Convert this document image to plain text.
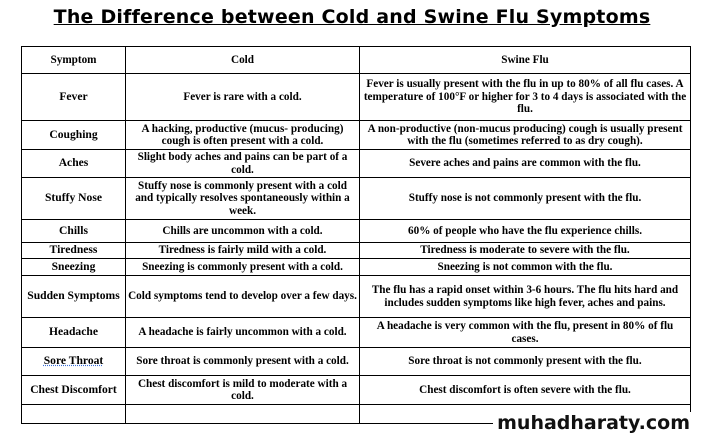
The Difference between Cold and Swine Flu Symptoms
Symptom	Cold	Swine Flu
Fever	Fever is rare with a cold.	Fever is usually present with the flu in up to 80% of all flu cases. A temperature of 100°F or higher for 3 to 4 days is associated with the flu.
Coughing	A hacking, productive (mucus- producing) cough is often present with a cold.	A non-productive (non-mucus producing) cough is usually present with the flu (sometimes referred to as dry cough).
Aches	Slight body aches and pains can be part of a cold.	Severe aches and pains are common with the flu.
Stuffy Nose	Stuffy nose is commonly present with a cold and typically resolves spontaneously within a week.	Stuffy nose is not commonly present with the flu.
Chills	Chills are uncommon with a cold.	60% of people who have the flu experience chills.
Tiredness	Tiredness is fairly mild with a cold.	Tiredness is moderate to severe with the flu.
Sneezing	Sneezing is commonly present with a cold.	Sneezing is not common with the flu.
Sudden Symptoms	Cold symptoms tend to develop over a few days.	The flu has a rapid onset within 3-6 hours. The flu hits hard and includes sudden symptoms like high fever, aches and pains.
Headache	A headache is fairly uncommon with a cold.	A headache is very common with the flu, present in 80% of flu cases.
Sore Throat	Sore throat is commonly present with a cold.	Sore throat is not commonly present with the flu.
Chest Discomfort	Chest discomfort is mild to moderate with a cold.	Chest discomfort is often severe with the flu.

muhadharaty.com
